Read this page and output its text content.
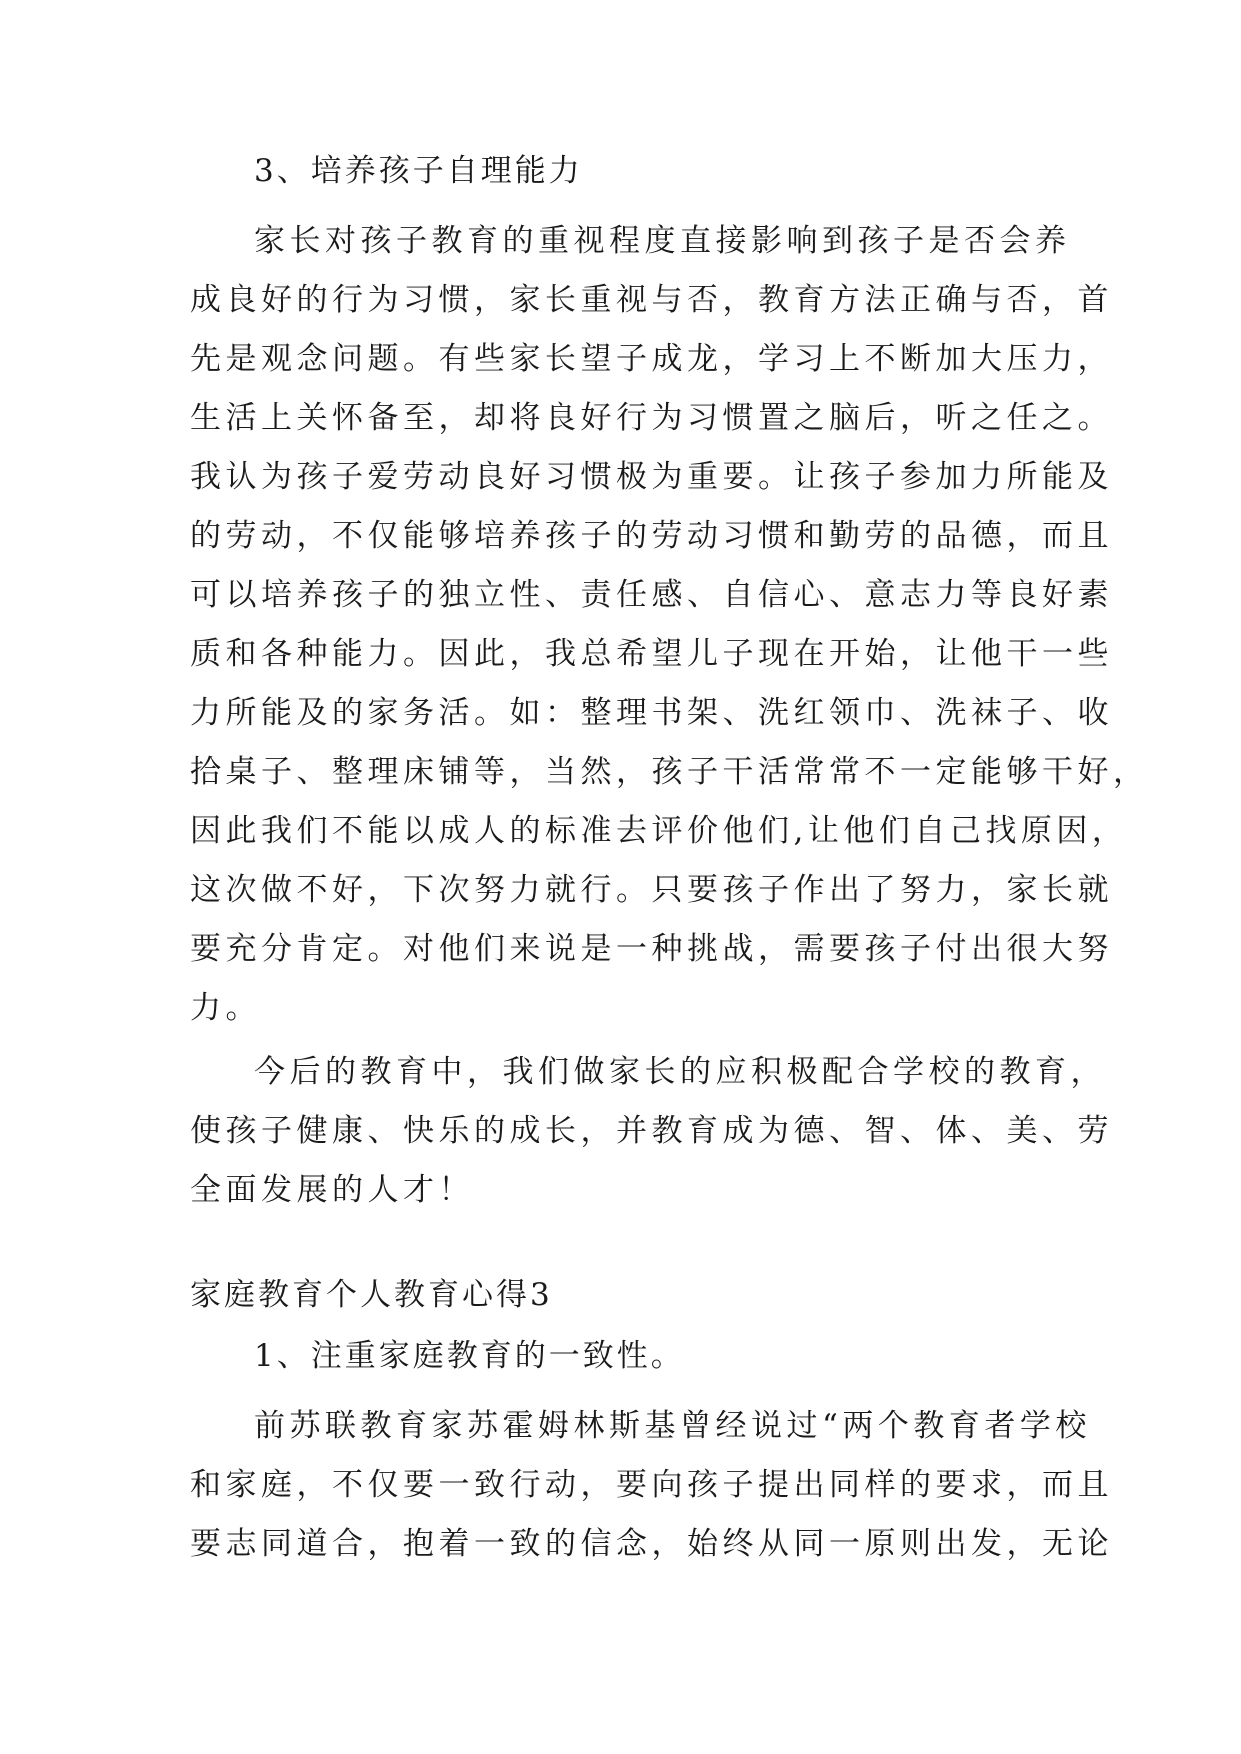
3、培养孩子自理能力

家长对孩子教育的重视程度直接影响到孩子是否会养

成良好的行为习惯，家长重视与否，教育方法正确与否，首

先是观念问题。有些家长望子成龙，学习上不断加大压力，

生活上关怀备至，却将良好行为习惯置之脑后，听之任之。

我认为孩子爱劳动良好习惯极为重要。让孩子参加力所能及

的劳动，不仅能够培养孩子的劳动习惯和勤劳的品德，而且

可以培养孩子的独立性、责任感、自信心、意志力等良好素

质和各种能力。因此，我总希望儿子现在开始，让他干一些

力所能及的家务活。如：整理书架、洗红领巾、洗袜子、收

拾桌子、整理床铺等，当然，孩子干活常常不一定能够干好，

因此我们不能以成人的标准去评价他们,让他们自己找原因，

这次做不好，下次努力就行。只要孩子作出了努力，家长就

要充分肯定。对他们来说是一种挑战，需要孩子付出很大努

力。

今后的教育中，我们做家长的应积极配合学校的教育，

使孩子健康、快乐的成长，并教育成为德、智、体、美、劳

全面发展的人才！

家庭教育个人教育心得3

1、注重家庭教育的一致性。

前苏联教育家苏霍姆林斯基曾经说过“两个教育者学校

和家庭，不仅要一致行动，要向孩子提出同样的要求，而且

要志同道合，抱着一致的信念，始终从同一原则出发，无论
